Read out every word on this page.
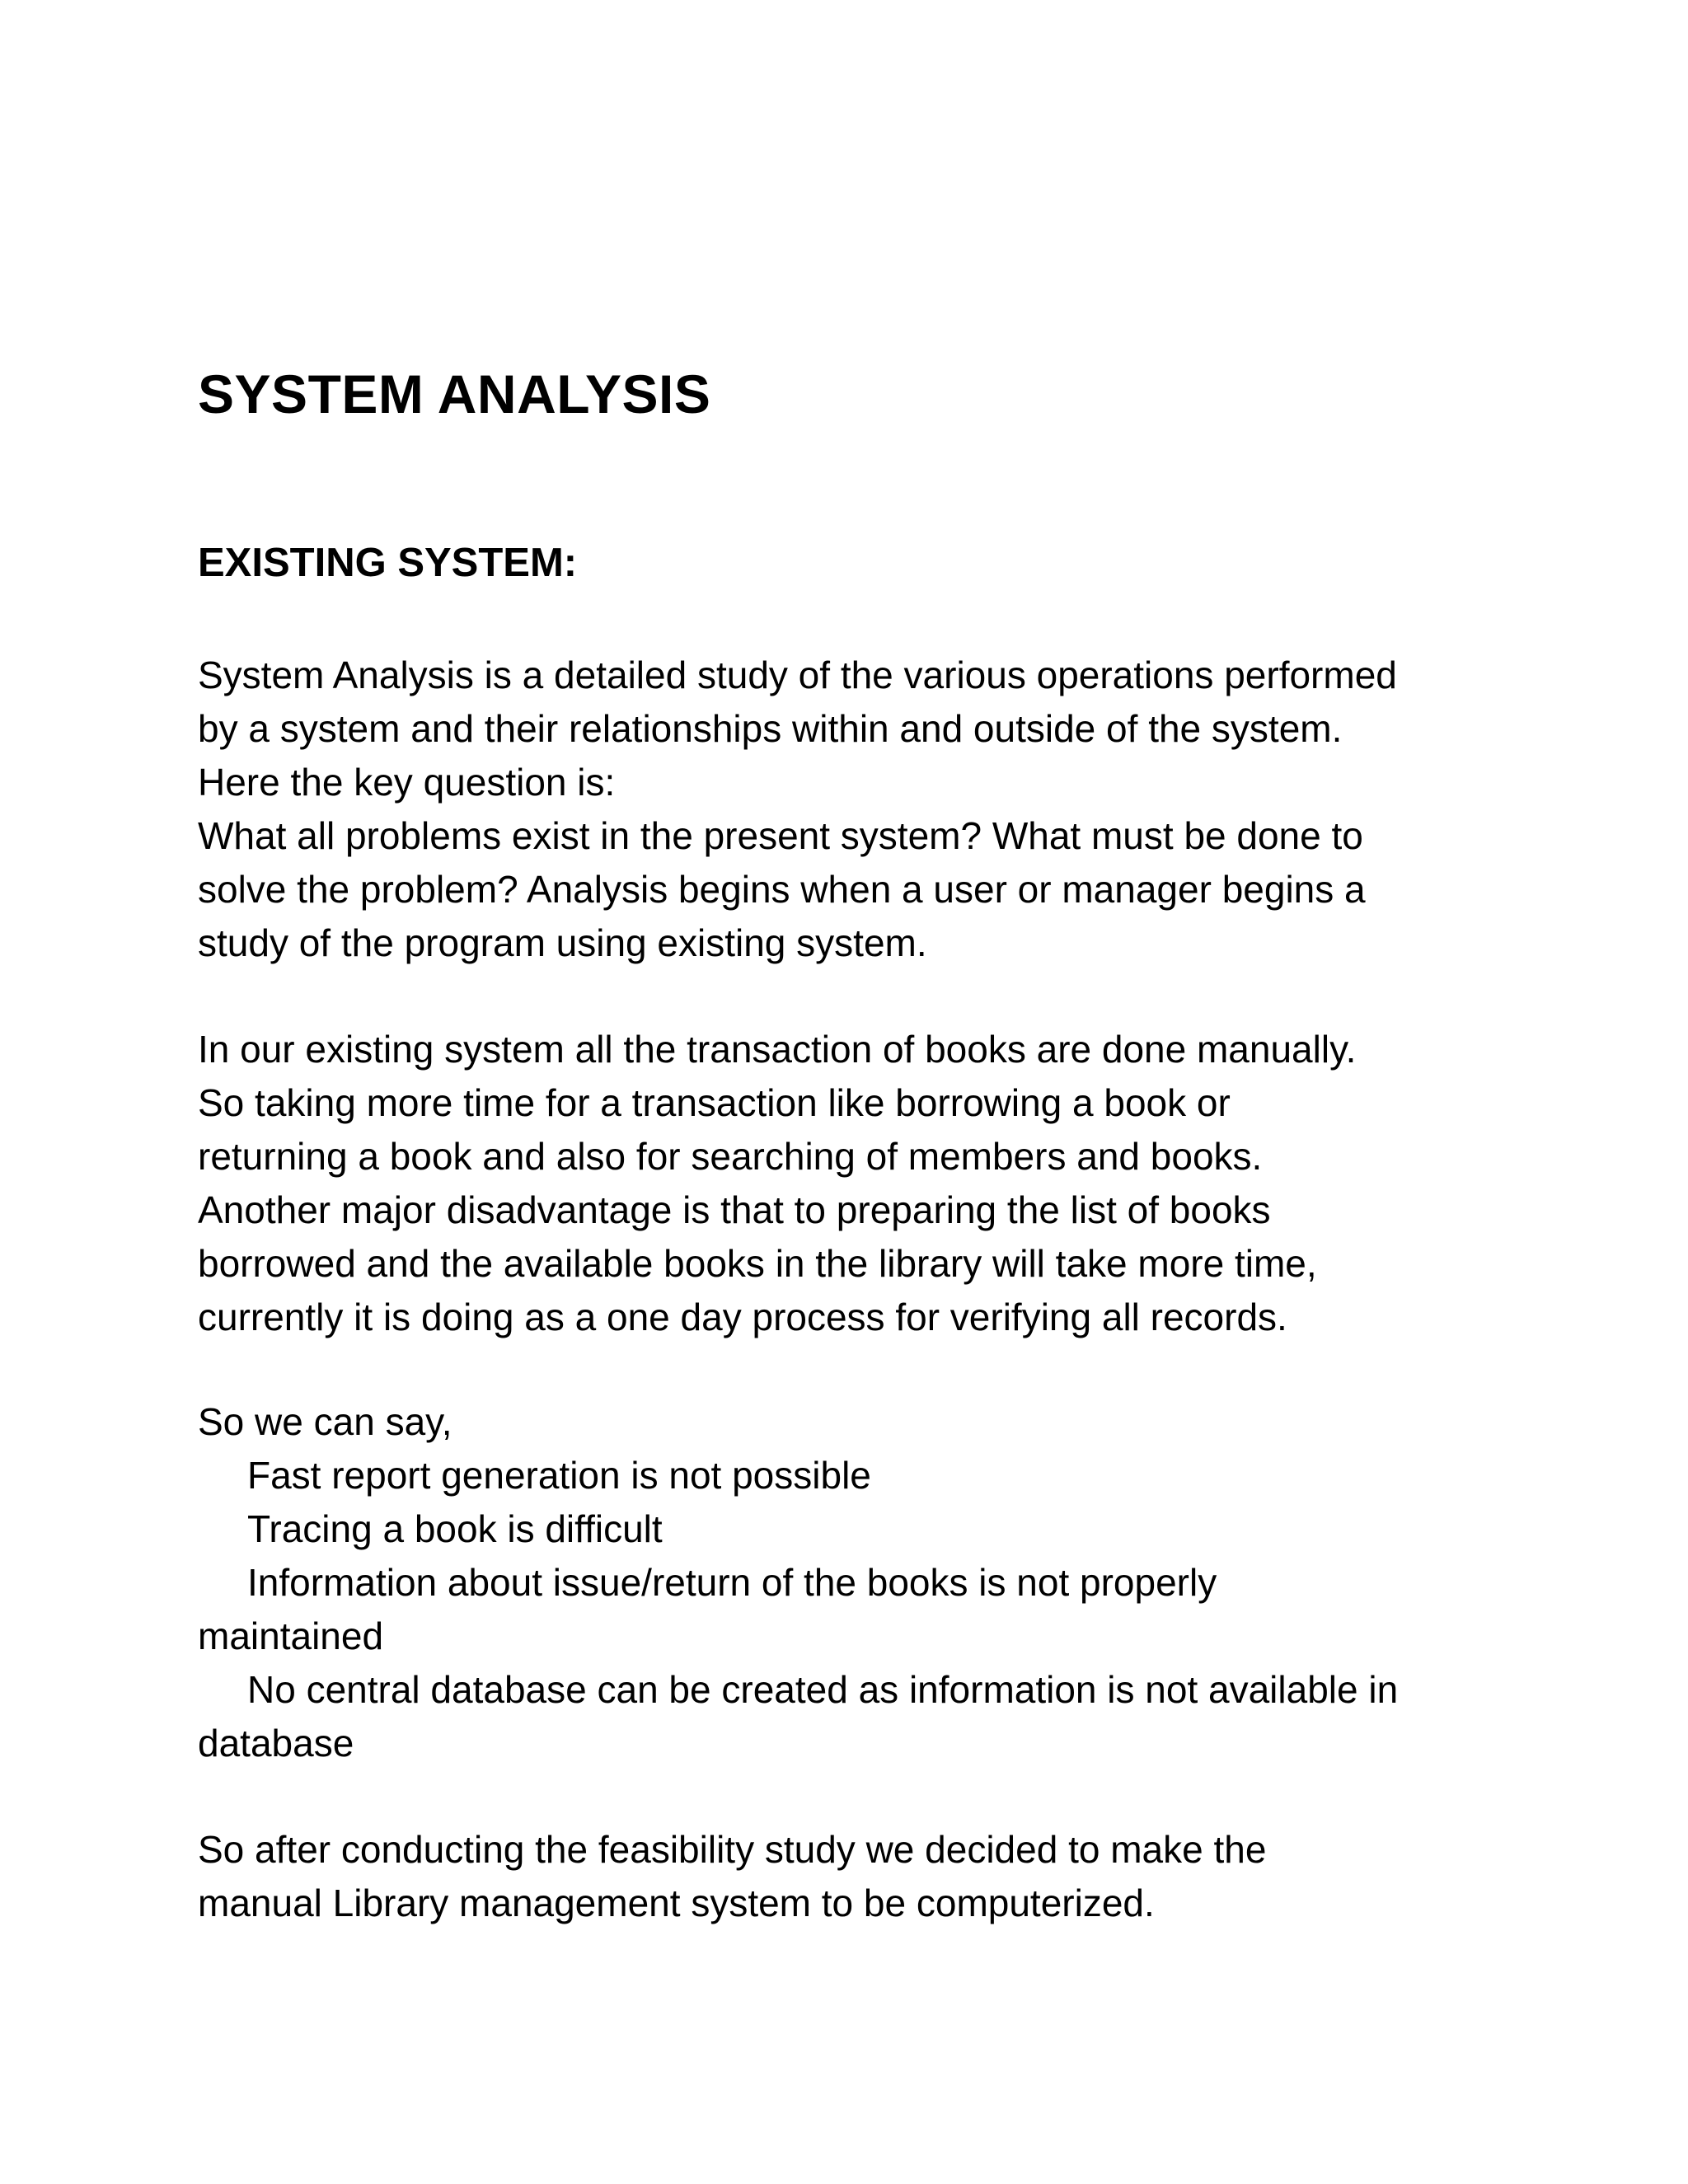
SYSTEM ANALYSIS
EXISTING SYSTEM:
System Analysis is a detailed study of the various operations performed
by a system and their relationships within and outside of the system.
Here the key question is:
What all problems exist in the present system? What must be done to
solve the problem? Analysis begins when a user or manager begins a
study of the program using existing system.
In our existing system all the transaction of books are done manually.
So taking more time for a transaction like borrowing a book or
returning a book and also for searching of members and books.
Another major disadvantage is that to preparing the list of books
borrowed and the available books in the library will take more time,
currently it is doing as a one day process for verifying all records.
So we can say,
Fast report generation is not possible
Tracing a book is difficult
Information about issue/return of the books is not properly
maintained
No central database can be created as information is not available in
database
So after conducting the feasibility study we decided to make the
manual Library management system to be computerized.
